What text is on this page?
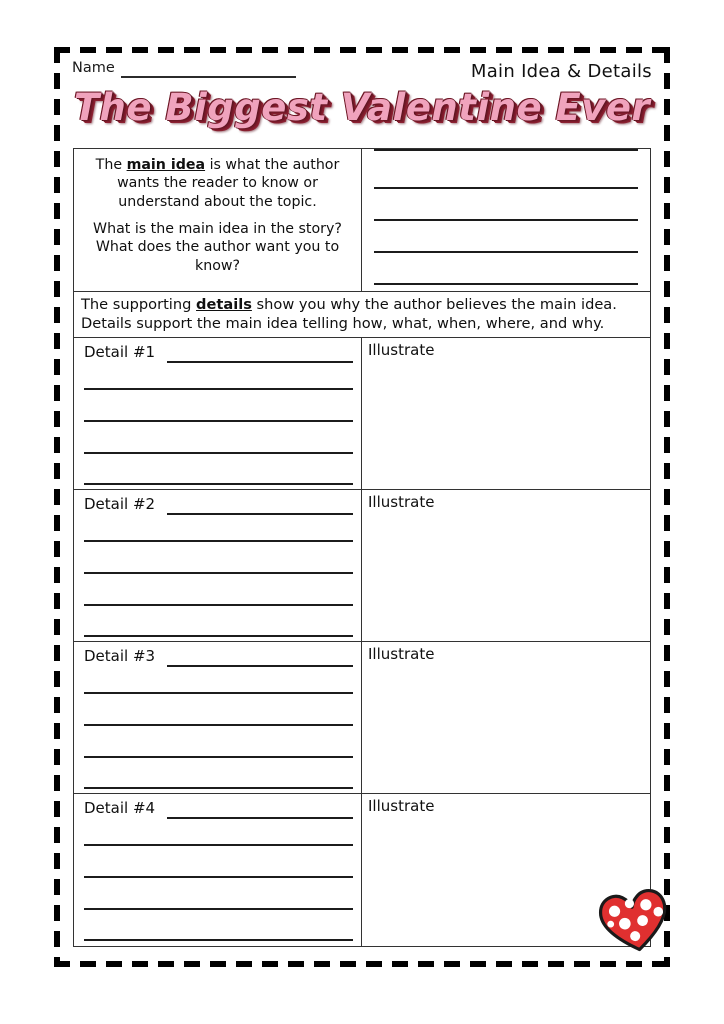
Name	Main Idea & Details
The Biggest Valentine Ever

The main idea is what the author wants the reader to know or understand about the topic.

What is the main idea in the story? What does the author want you to know?

The supporting details show you why the author believes the main idea. Details support the main idea telling how, what, when, where, and why.
Detail #1	Illustrate
Detail #2	Illustrate
Detail #3	Illustrate
Detail #4	Illustrate
